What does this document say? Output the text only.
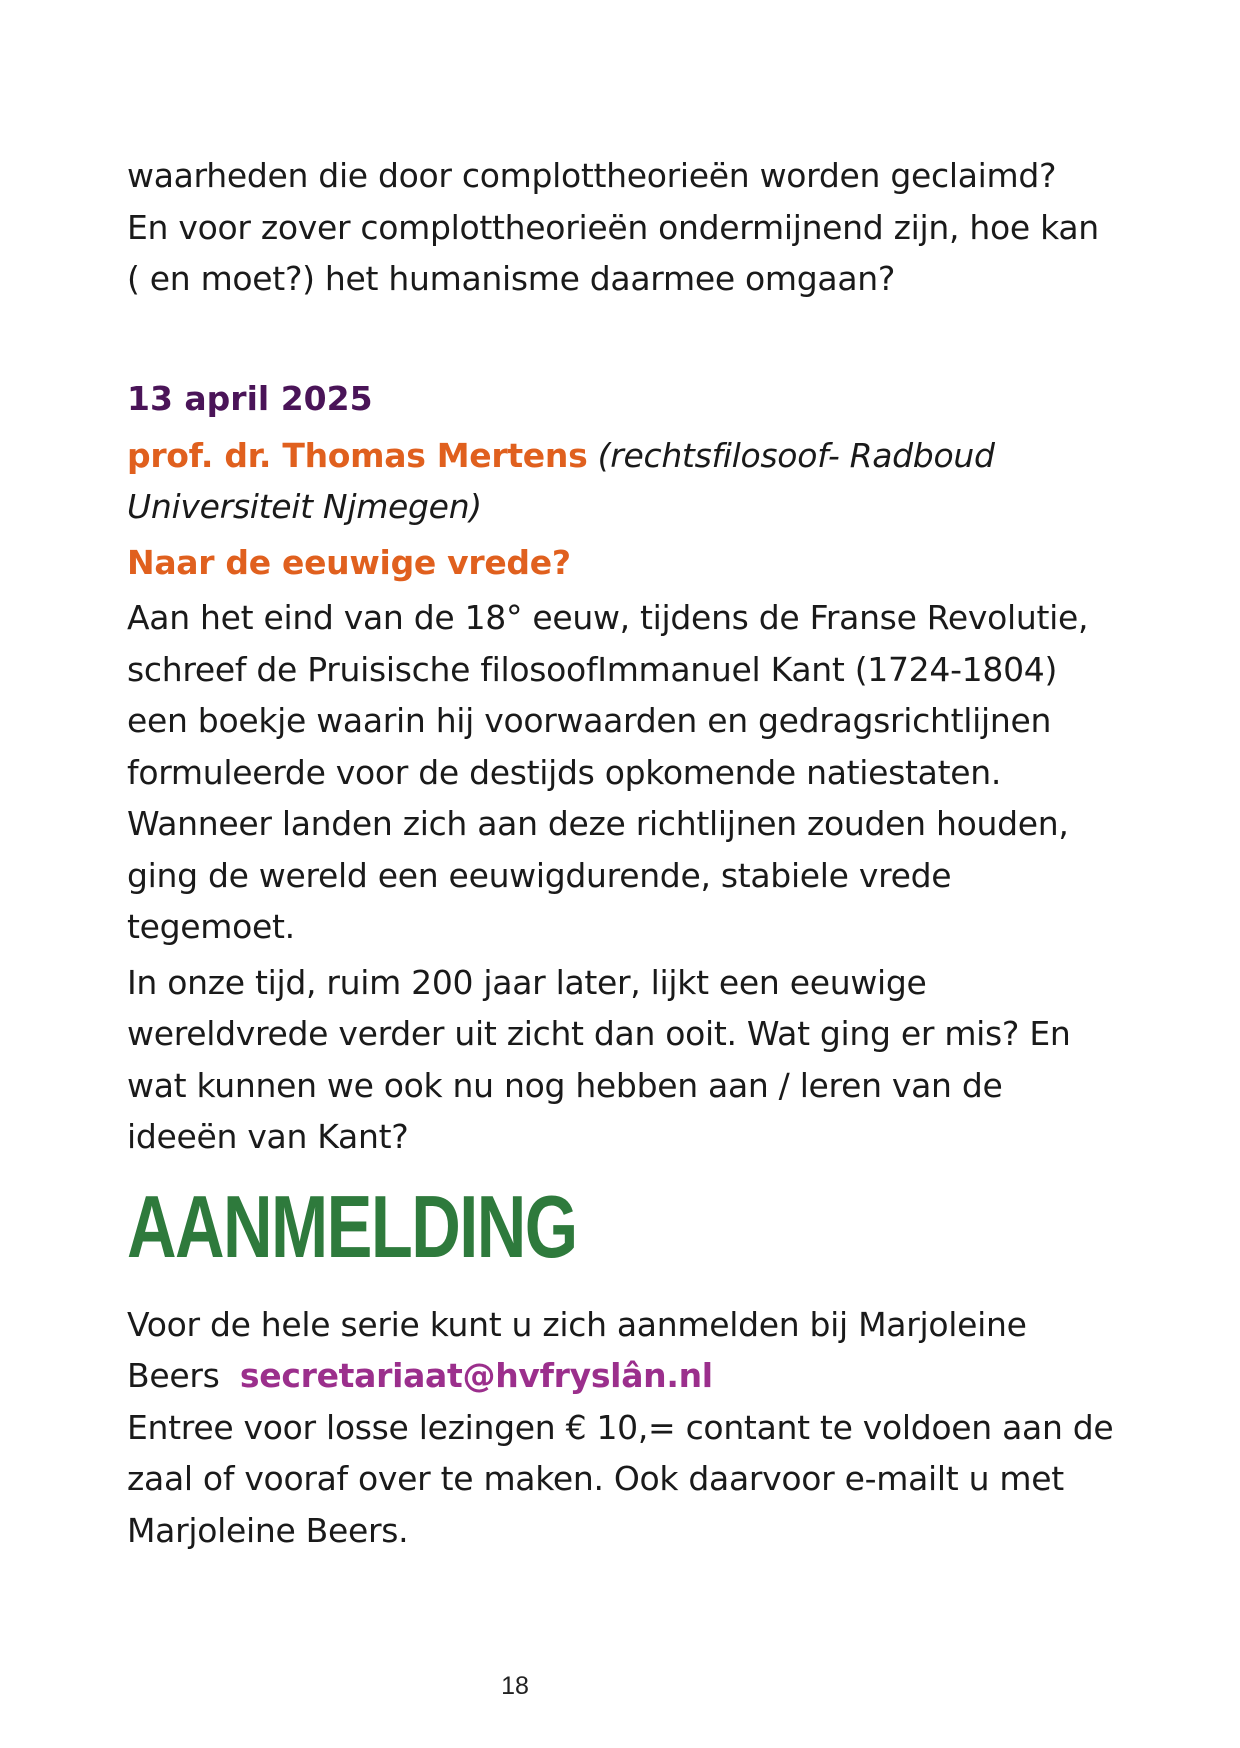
waarheden die door complottheorieën worden geclaimd?
En voor zover complottheorieën ondermijnend zijn, hoe kan
( en moet?) het humanisme daarmee omgaan?

13 april 2025

prof. dr. Thomas Mertens (rechtsfilosoof- Radboud
Universiteit Njmegen)

Naar de eeuwige vrede?

Aan het eind van de 18° eeuw, tijdens de Franse Revolutie,
schreef de Pruisische filosoofImmanuel Kant (1724-1804)
een boekje waarin hij voorwaarden en gedragsrichtlijnen
formuleerde voor de destijds opkomende natiestaten.
Wanneer landen zich aan deze richtlijnen zouden houden,
ging de wereld een eeuwigdurende, stabiele vrede
tegemoet.

In onze tijd, ruim 200 jaar later, lijkt een eeuwige
wereldvrede verder uit zicht dan ooit. Wat ging er mis? En
wat kunnen we ook nu nog hebben aan / leren van de
ideeën van Kant?

AANMELDING

Voor de hele serie kunt u zich aanmelden bij Marjoleine
Beers secretariaat@hvfryslân.nl
Entree voor losse lezingen € 10,= contant te voldoen aan de
zaal of vooraf over te maken. Ook daarvoor e-mailt u met
Marjoleine Beers.

18
